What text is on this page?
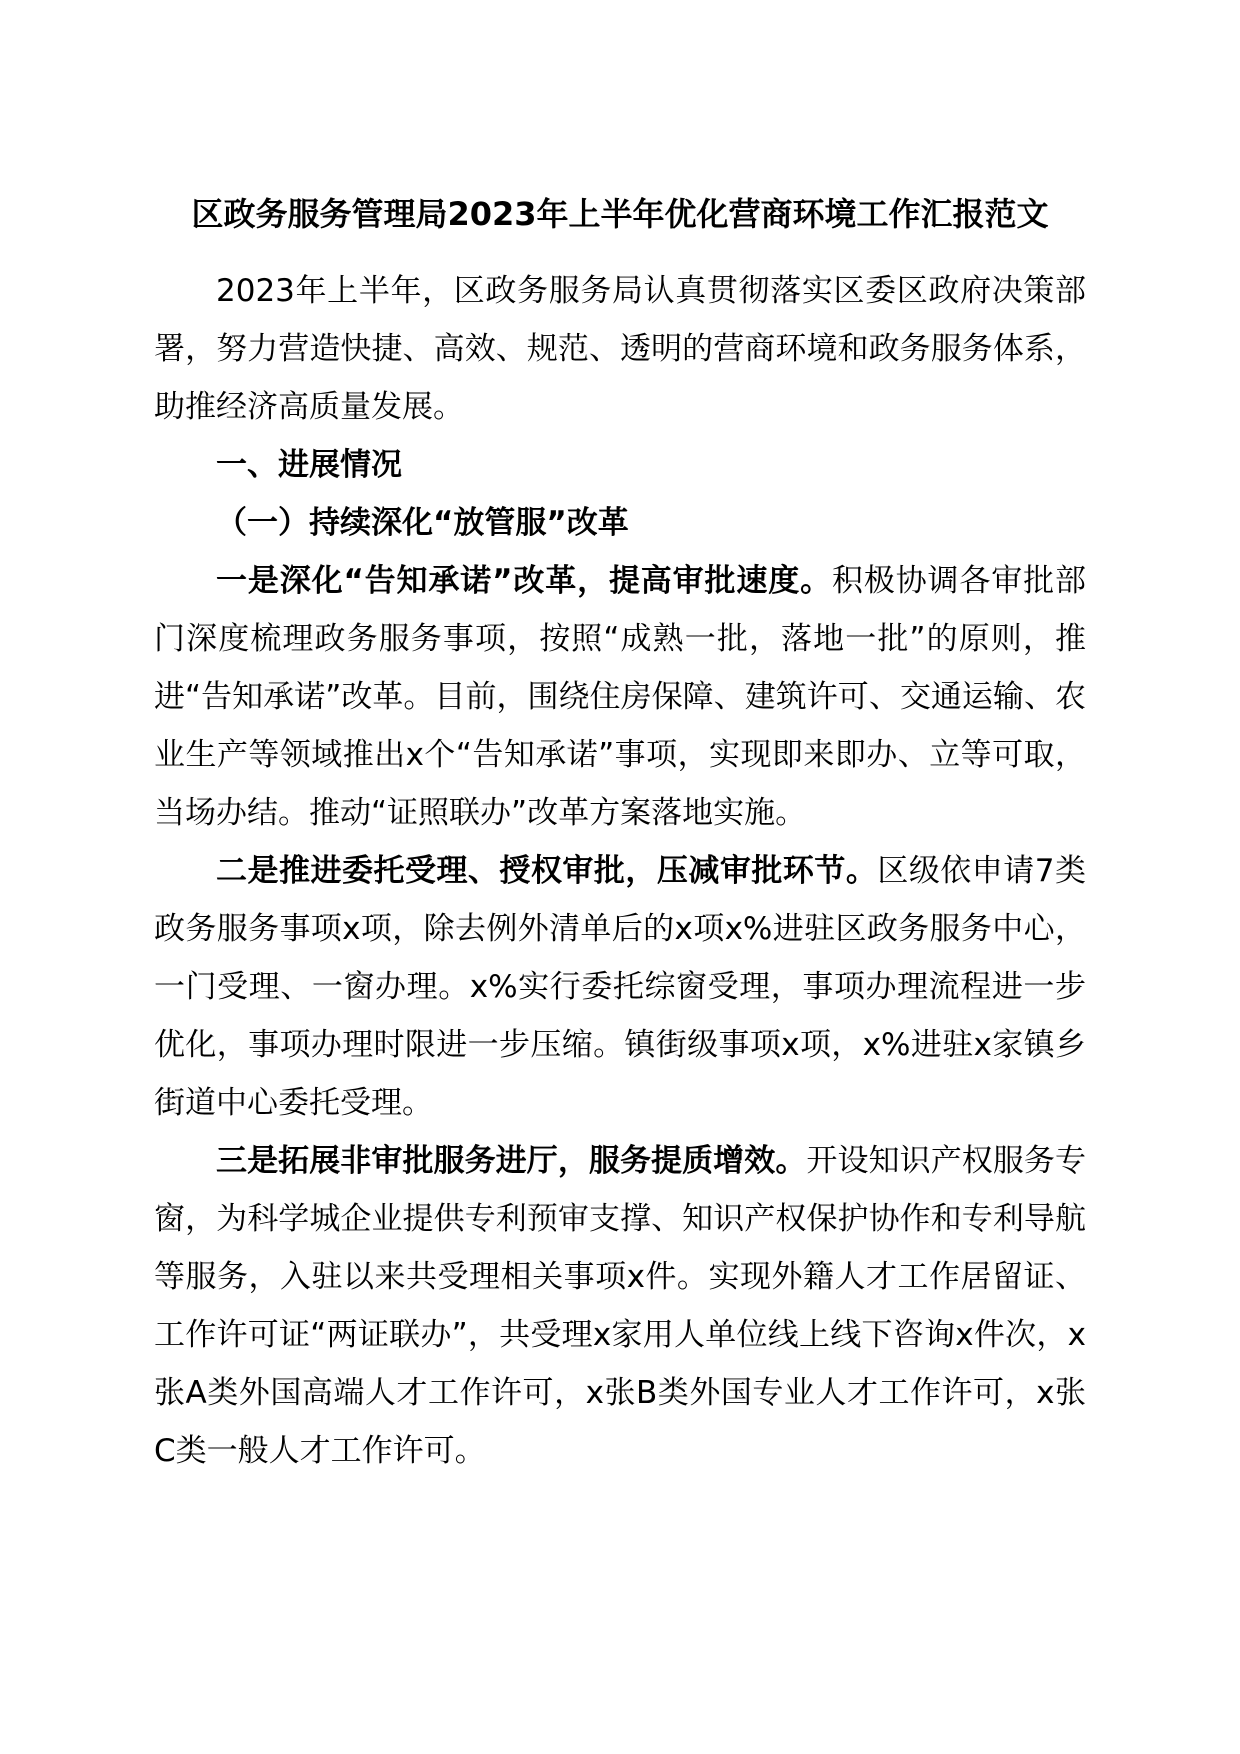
区政务服务管理局2023年上半年优化营商环境工作汇报范文

2023年上半年，区政务服务局认真贯彻落实区委区政府决策部署，努力营造快捷、高效、规范、透明的营商环境和政务服务体系，助推经济高质量发展。

一、进展情况

（一）持续深化“放管服”改革

一是深化“告知承诺”改革，提高审批速度。积极协调各审批部门深度梳理政务服务事项，按照“成熟一批，落地一批”的原则，推进“告知承诺”改革。目前，围绕住房保障、建筑许可、交通运输、农业生产等领域推出x个“告知承诺”事项，实现即来即办、立等可取，当场办结。推动“证照联办”改革方案落地实施。

二是推进委托受理、授权审批，压减审批环节。区级依申请7类政务服务事项x项，除去例外清单后的x项x%进驻区政务服务中心，一门受理、一窗办理。x%实行委托综窗受理，事项办理流程进一步优化，事项办理时限进一步压缩。镇街级事项x项，x%进驻x家镇乡街道中心委托受理。

三是拓展非审批服务进厅，服务提质增效。开设知识产权服务专窗，为科学城企业提供专利预审支撑、知识产权保护协作和专利导航等服务，入驻以来共受理相关事项x件。实现外籍人才工作居留证、工作许可证“两证联办”，共受理x家用人单位线上线下咨询x件次，x张A类外国高端人才工作许可，x张B类外国专业人才工作许可，x张C类一般人才工作许可。
